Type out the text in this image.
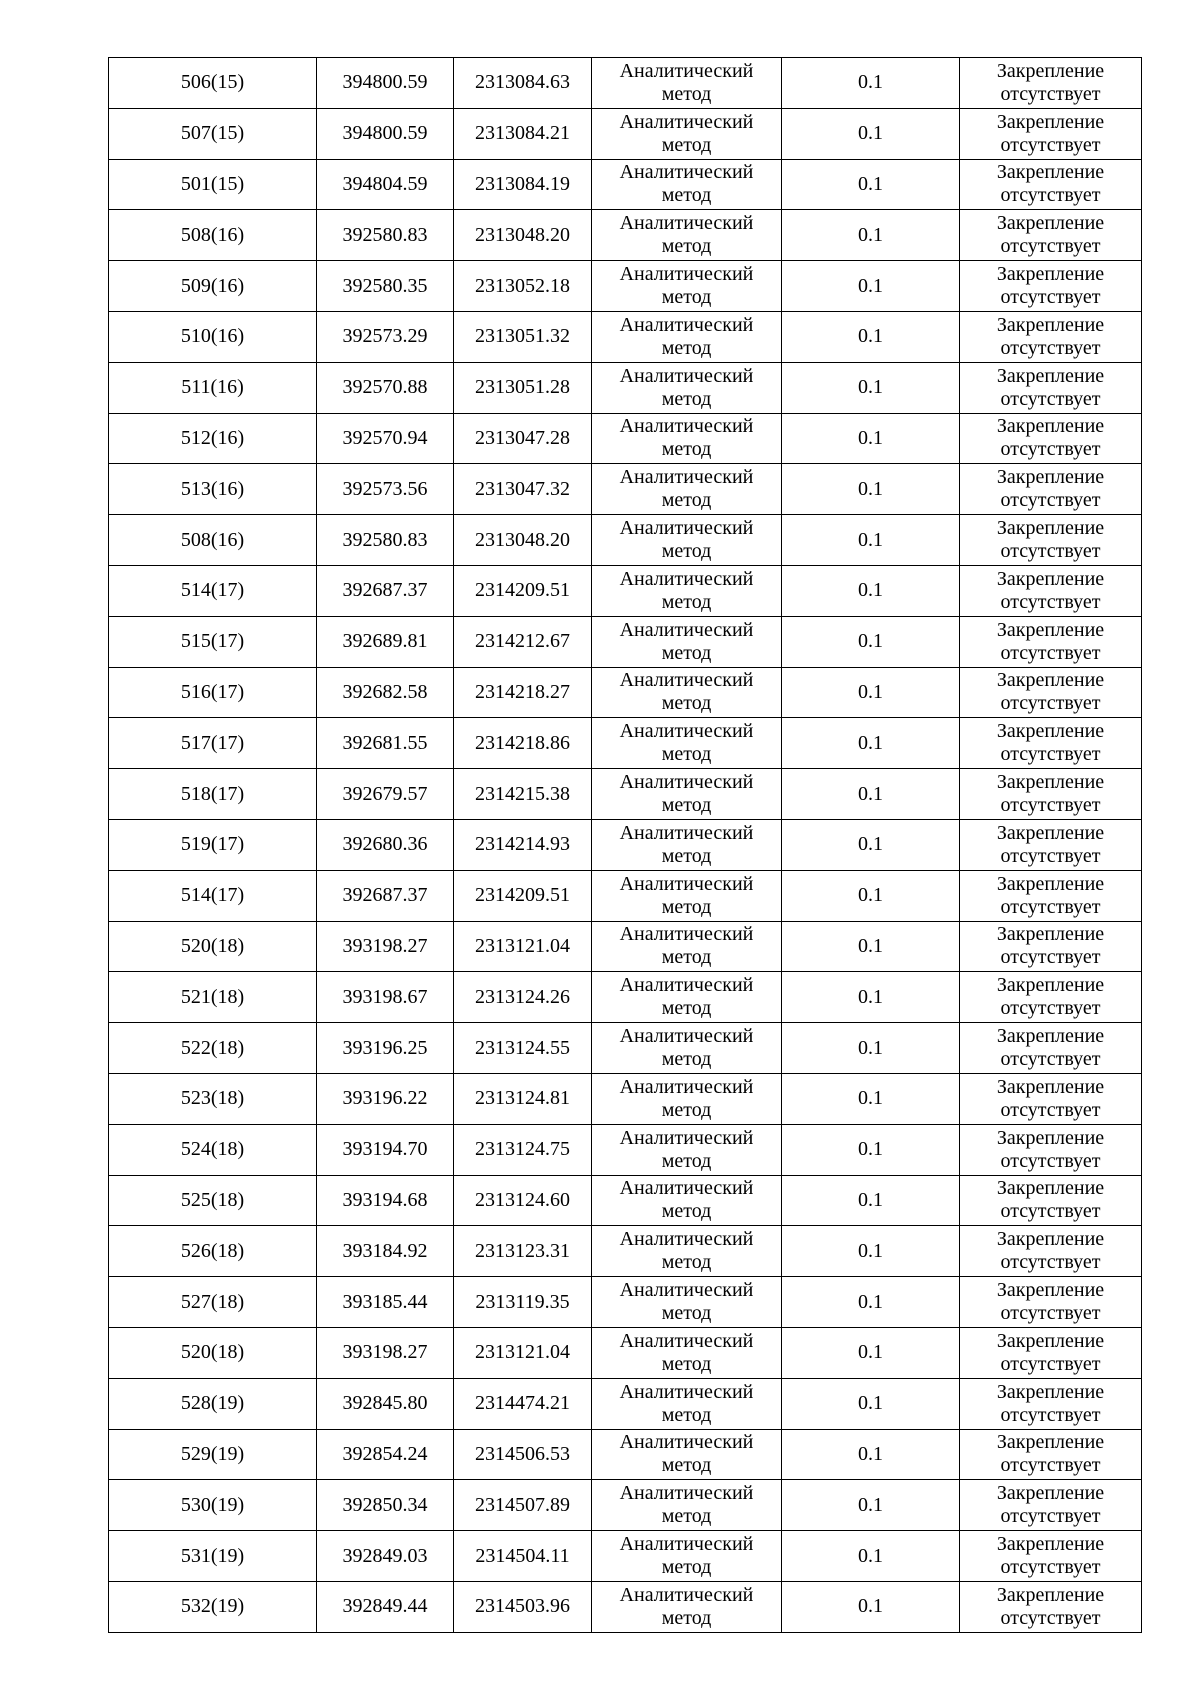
506(15)	394800.59	2313084.63	Аналитический
метод	0.1	Закрепление
отсутствует

507(15)	394800.59	2313084.21	Аналитический
метод	0.1	Закрепление
отсутствует

501(15)	394804.59	2313084.19	Аналитический
метод	0.1	Закрепление
отсутствует

508(16)	392580.83	2313048.20	Аналитический
метод	0.1	Закрепление
отсутствует

509(16)	392580.35	2313052.18	Аналитический
метод	0.1	Закрепление
отсутствует

510(16)	392573.29	2313051.32	Аналитический
метод	0.1	Закрепление
отсутствует

511(16)	392570.88	2313051.28	Аналитический
метод	0.1	Закрепление
отсутствует

512(16)	392570.94	2313047.28	Аналитический
метод	0.1	Закрепление
отсутствует

513(16)	392573.56	2313047.32	Аналитический
метод	0.1	Закрепление
отсутствует

508(16)	392580.83	2313048.20	Аналитический
метод	0.1	Закрепление
отсутствует

514(17)	392687.37	2314209.51	Аналитический
метод	0.1	Закрепление
отсутствует

515(17)	392689.81	2314212.67	Аналитический
метод	0.1	Закрепление
отсутствует

516(17)	392682.58	2314218.27	Аналитический
метод	0.1	Закрепление
отсутствует

517(17)	392681.55	2314218.86	Аналитический
метод	0.1	Закрепление
отсутствует

518(17)	392679.57	2314215.38	Аналитический
метод	0.1	Закрепление
отсутствует

519(17)	392680.36	2314214.93	Аналитический
метод	0.1	Закрепление
отсутствует

514(17)	392687.37	2314209.51	Аналитический
метод	0.1	Закрепление
отсутствует

520(18)	393198.27	2313121.04	Аналитический
метод	0.1	Закрепление
отсутствует

521(18)	393198.67	2313124.26	Аналитический
метод	0.1	Закрепление
отсутствует

522(18)	393196.25	2313124.55	Аналитический
метод	0.1	Закрепление
отсутствует

523(18)	393196.22	2313124.81	Аналитический
метод	0.1	Закрепление
отсутствует

524(18)	393194.70	2313124.75	Аналитический
метод	0.1	Закрепление
отсутствует

525(18)	393194.68	2313124.60	Аналитический
метод	0.1	Закрепление
отсутствует

526(18)	393184.92	2313123.31	Аналитический
метод	0.1	Закрепление
отсутствует

527(18)	393185.44	2313119.35	Аналитический
метод	0.1	Закрепление
отсутствует

520(18)	393198.27	2313121.04	Аналитический
метод	0.1	Закрепление
отсутствует

528(19)	392845.80	2314474.21	Аналитический
метод	0.1	Закрепление
отсутствует

529(19)	392854.24	2314506.53	Аналитический
метод	0.1	Закрепление
отсутствует

530(19)	392850.34	2314507.89	Аналитический
метод	0.1	Закрепление
отсутствует

531(19)	392849.03	2314504.11	Аналитический
метод	0.1	Закрепление
отсутствует

532(19)	392849.44	2314503.96	Аналитический
метод	0.1	Закрепление
отсутствует
